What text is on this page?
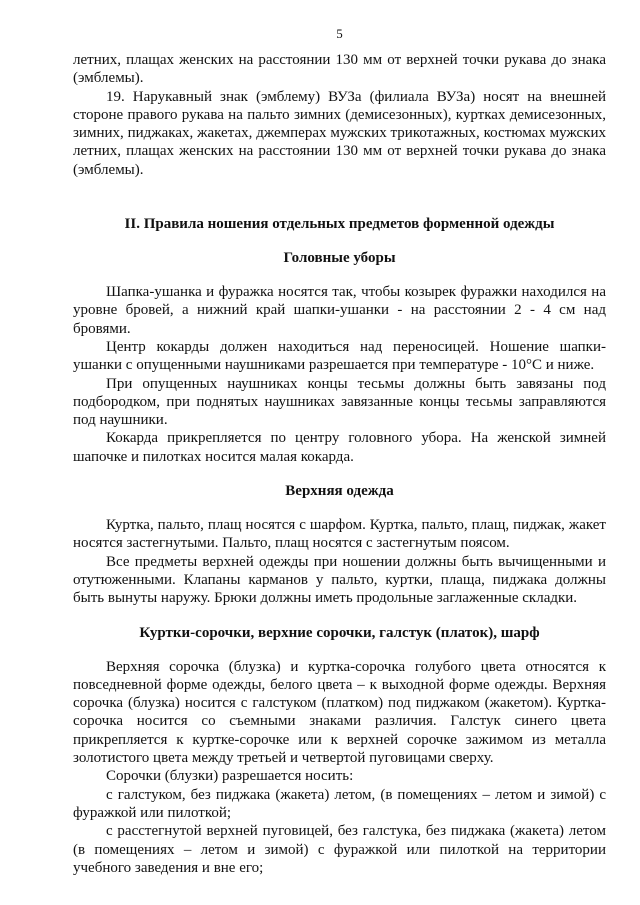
5

летних, плащах женских на расстоянии 130 мм от верхней точки рукава до знака (эмблемы).

19. Нарукавный знак (эмблему) ВУЗа (филиала ВУЗа) носят на внешней стороне правого рукава на пальто зимних (демисезонных), куртках демисезонных, зимних, пиджаках, жакетах, джемперах мужских трикотажных, костюмах мужских летних, плащах женских на расстоянии 130 мм от верхней точки рукава до знака (эмблемы).

II. Правила ношения отдельных предметов форменной одежды
Головные уборы

Шапка-ушанка и фуражка носятся так, чтобы козырек фуражки находился на уровне бровей, а нижний край шапки-ушанки - на расстоянии 2 - 4 см над бровями.

Центр кокарды должен находиться над переносицей. Ношение шапки-ушанки с опущенными наушниками разрешается при температуре - 10°С и ниже.

При опущенных наушниках концы тесьмы должны быть завязаны под подбородком, при поднятых наушниках завязанные концы тесьмы заправляются под наушники.

Кокарда прикрепляется по центру головного убора. На женской зимней шапочке и пилотках носится малая кокарда.

Верхняя одежда

Куртка, пальто, плащ носятся с шарфом. Куртка, пальто, плащ, пиджак, жакет носятся застегнутыми. Пальто, плащ носятся с застегнутым поясом.

Все предметы верхней одежды при ношении должны быть вычищенными и отутюженными. Клапаны карманов у пальто, куртки, плаща, пиджака должны быть вынуты наружу. Брюки должны иметь продольные заглаженные складки.

Куртки-сорочки, верхние сорочки, галстук (платок), шарф

Верхняя сорочка (блузка) и куртка-сорочка голубого цвета относятся к повседневной форме одежды, белого цвета – к выходной форме одежды. Верхняя сорочка (блузка) носится с галстуком (платком) под пиджаком (жакетом). Куртка-сорочка носится со съемными знаками различия. Галстук синего цвета прикрепляется к куртке-сорочке или к верхней сорочке зажимом из металла золотистого цвета между третьей и четвертой пуговицами сверху.

Сорочки (блузки) разрешается носить:

с галстуком, без пиджака (жакета) летом, (в помещениях – летом и зимой) с фуражкой или пилоткой;

с расстегнутой верхней пуговицей, без галстука, без пиджака (жакета) летом (в помещениях – летом и зимой) с фуражкой или пилоткой на территории учебного заведения и вне его;
